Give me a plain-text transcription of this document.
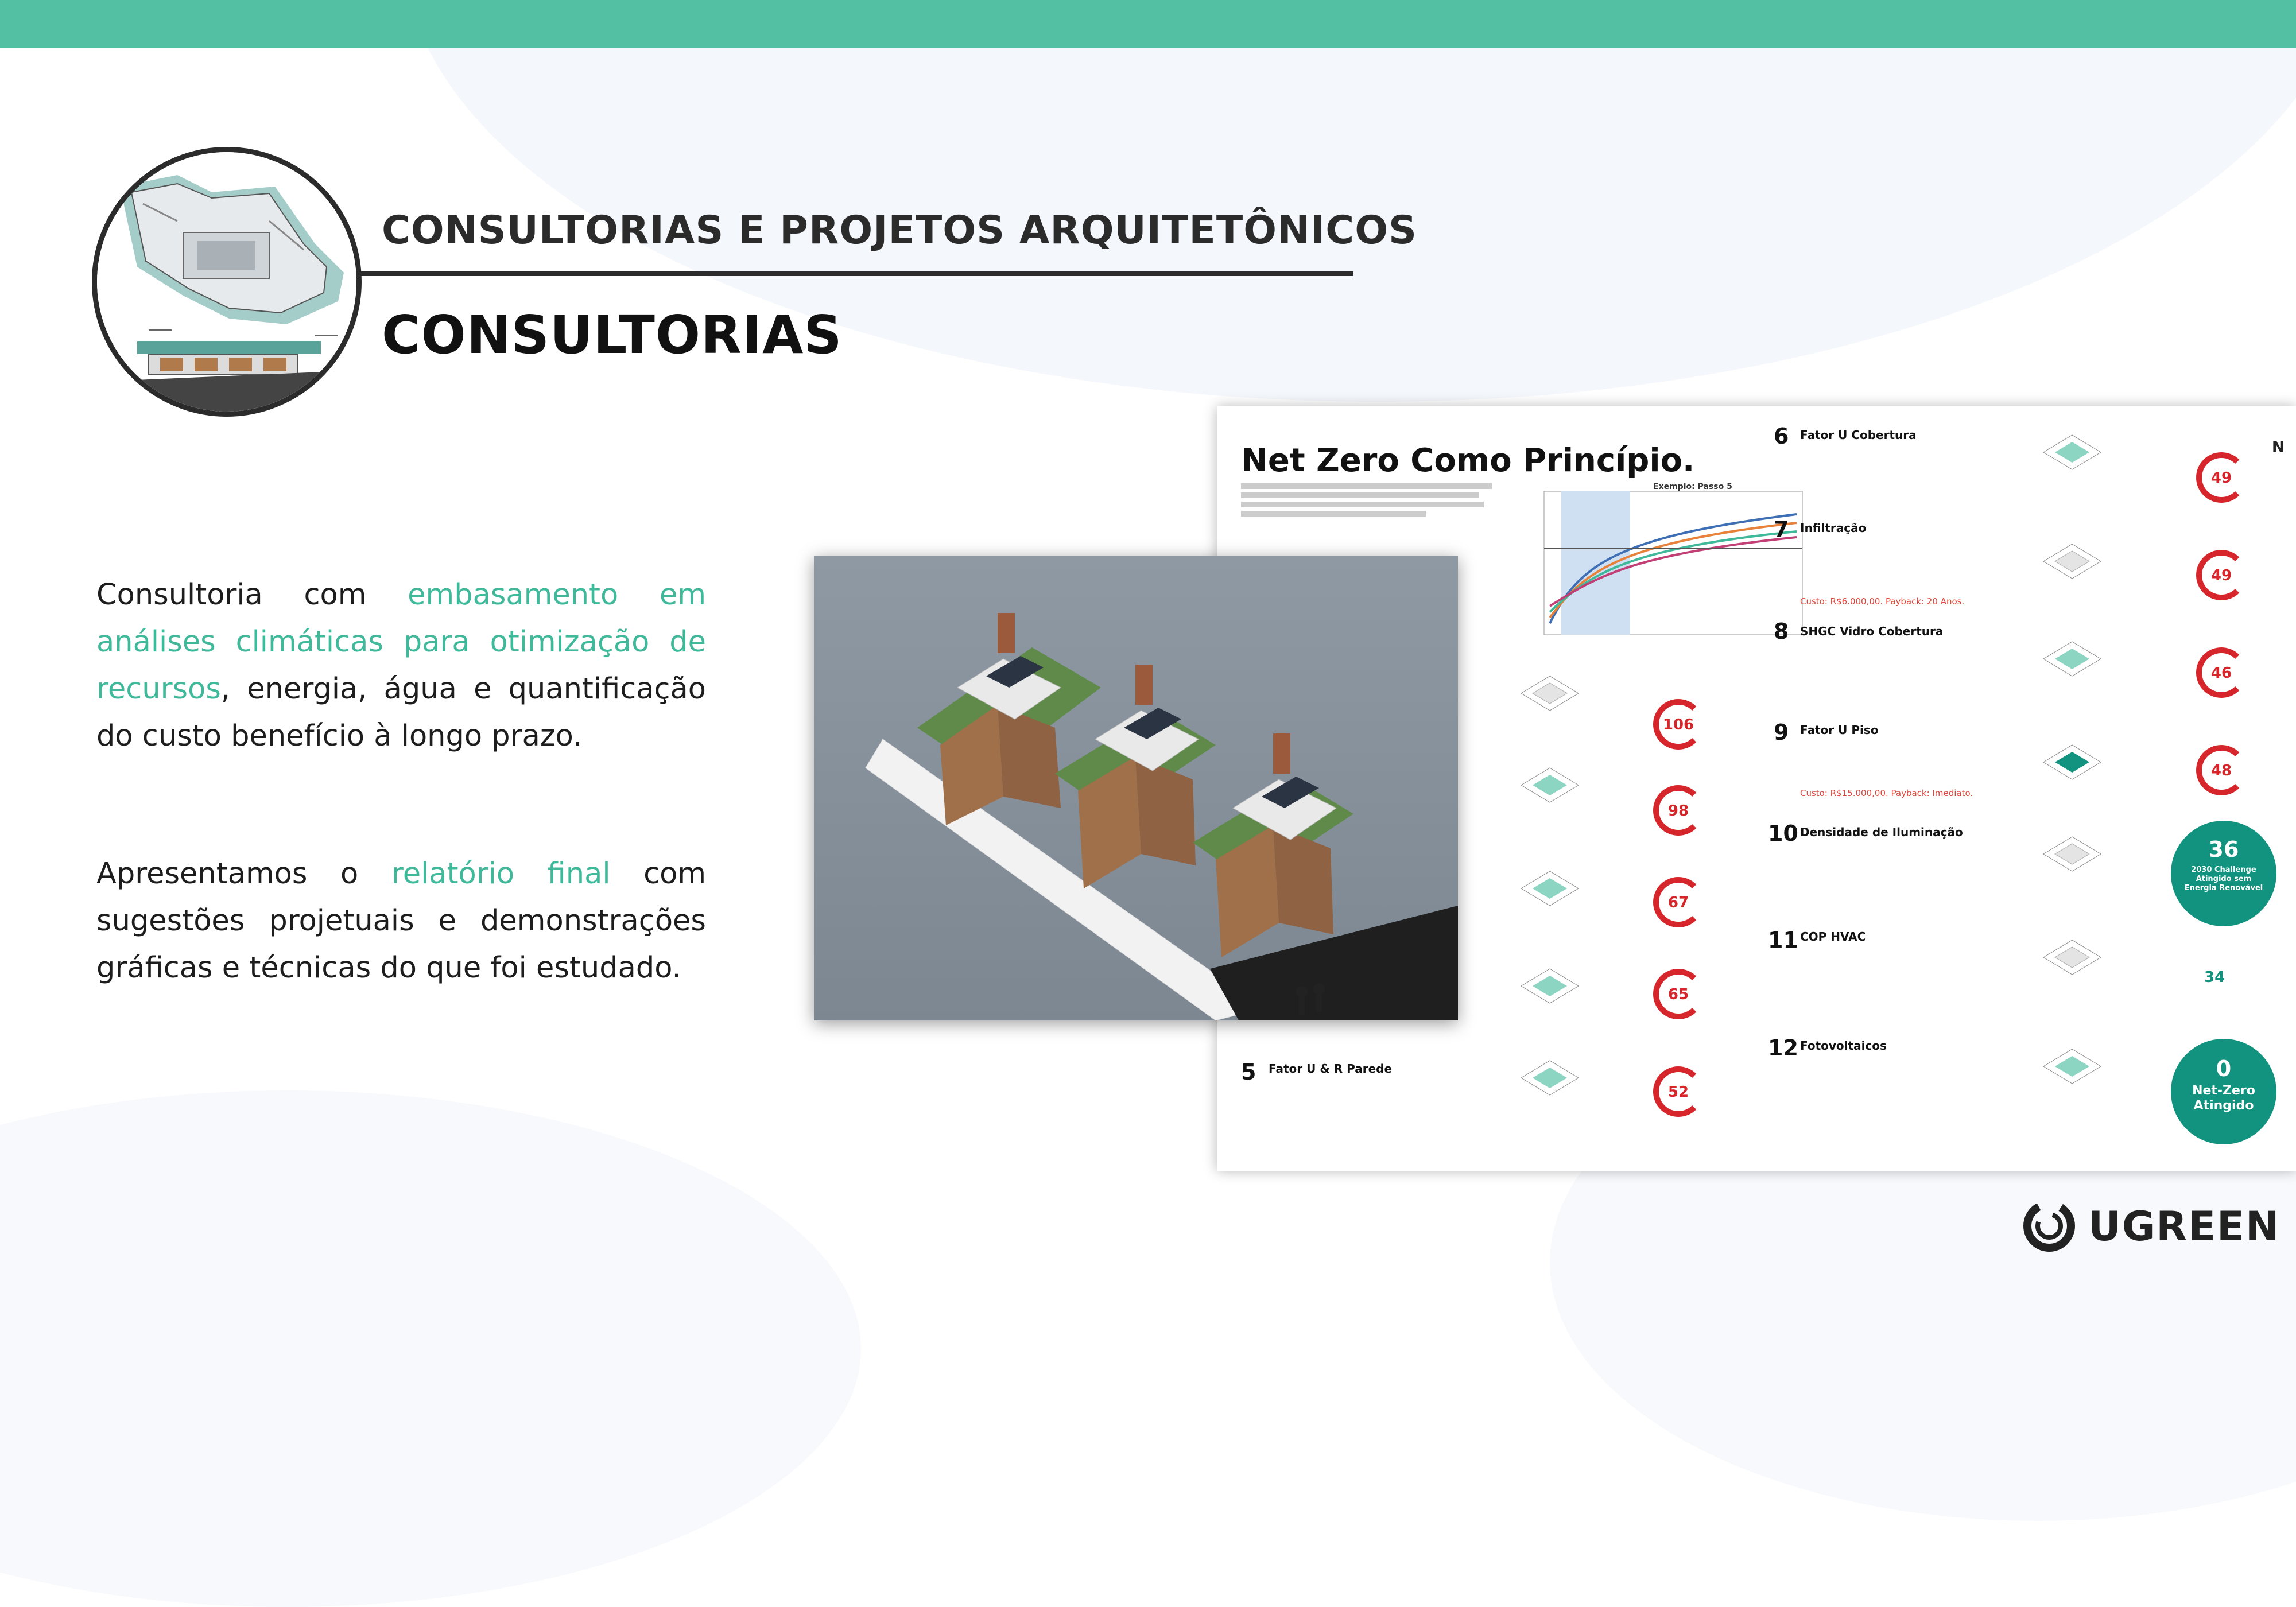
CONSULTORIAS E PROJETOS ARQUITETÔNICOS
CONSULTORIAS
Consultoria com embasamento em análises climáticas para otimização de recursos, energia, água e quantificação do custo benefício à longo prazo.
Apresentamos o relatório final com sugestões projetuais e demonstrações gráficas e técnicas do que foi estudado.
Net Zero Como Princípio.
Exemplo: Passo 5
5 Fator U & R Parede
106
98
67
65
52
6 Fator U Cobertura
7 Infiltração
Custo: R$6.000,00. Payback: 20 Anos.
8 SHGC Vidro Cobertura
9 Fator U Piso
Custo: R$15.000,00. Payback: Imediato.
10 Densidade de Iluminação
11 COP HVAC
12 Fotovoltaicos
49
49
46
48
36
2030 Challenge Atingido sem Energia Renovável
34
0
Net-Zero Atingido
N
UGREEN
